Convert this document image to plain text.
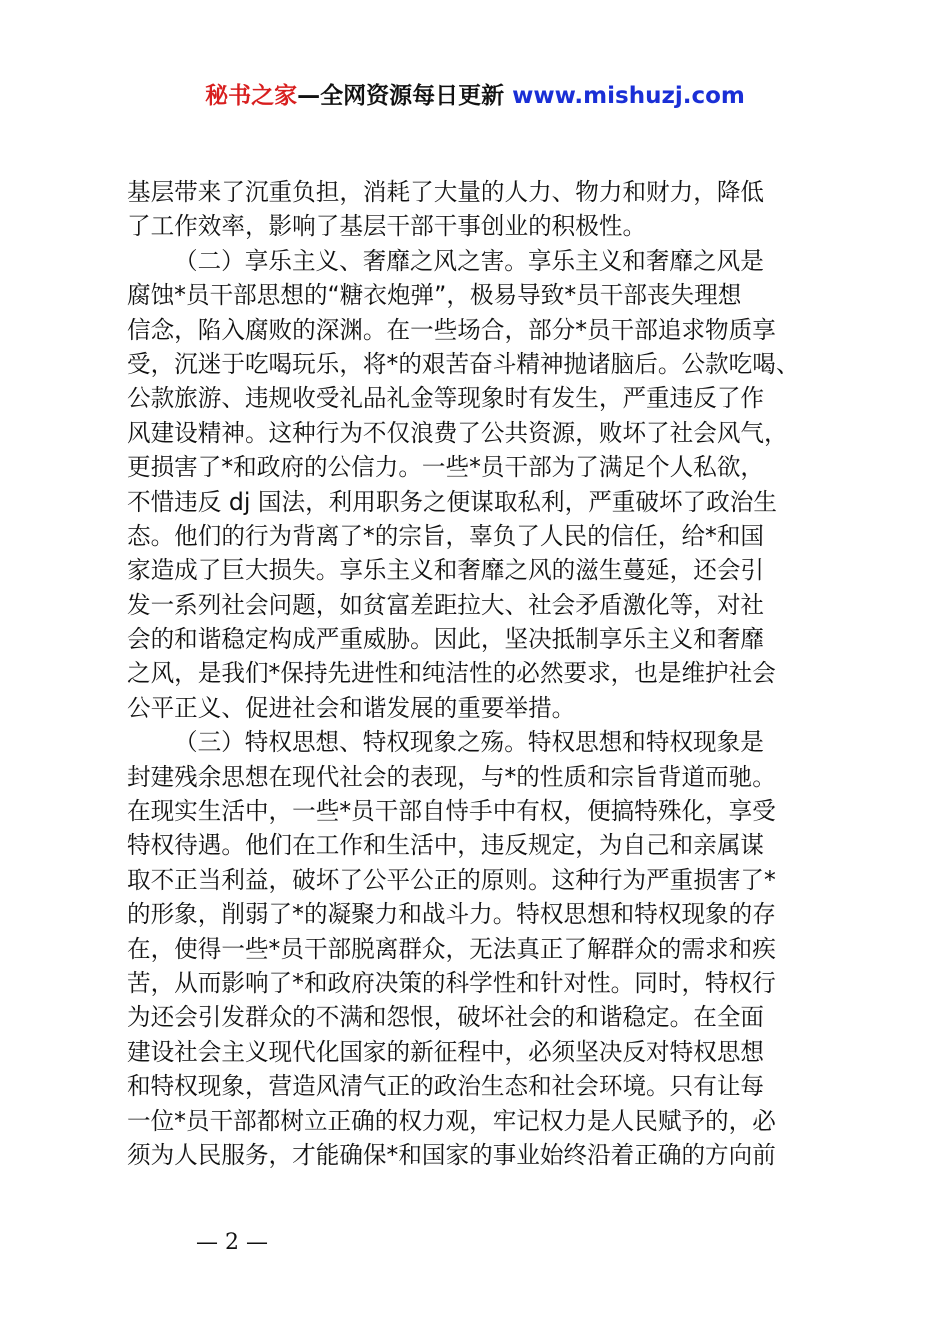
秘书之家—全网资源每日更新 www.mishuzj.com
基层带来了沉重负担，消耗了大量的人力、物力和财力，降低
了工作效率，影响了基层干部干事创业的积极性。
（二）享乐主义、奢靡之风之害。享乐主义和奢靡之风是
腐蚀*员干部思想的“糖衣炮弹”，极易导致*员干部丧失理想
信念，陷入腐败的深渊。在一些场合，部分*员干部追求物质享
受，沉迷于吃喝玩乐，将*的艰苦奋斗精神抛诸脑后。公款吃喝、
公款旅游、违规收受礼品礼金等现象时有发生，严重违反了作
风建设精神。这种行为不仅浪费了公共资源，败坏了社会风气，
更损害了*和政府的公信力。一些*员干部为了满足个人私欲，
不惜违反 dj 国法，利用职务之便谋取私利，严重破坏了政治生
态。他们的行为背离了*的宗旨，辜负了人民的信任，给*和国
家造成了巨大损失。享乐主义和奢靡之风的滋生蔓延，还会引
发一系列社会问题，如贫富差距拉大、社会矛盾激化等，对社
会的和谐稳定构成严重威胁。因此，坚决抵制享乐主义和奢靡
之风，是我们*保持先进性和纯洁性的必然要求，也是维护社会
公平正义、促进社会和谐发展的重要举措。
（三）特权思想、特权现象之殇。特权思想和特权现象是
封建残余思想在现代社会的表现，与*的性质和宗旨背道而驰。
在现实生活中，一些*员干部自恃手中有权，便搞特殊化，享受
特权待遇。他们在工作和生活中，违反规定，为自己和亲属谋
取不正当利益，破坏了公平公正的原则。这种行为严重损害了*
的形象，削弱了*的凝聚力和战斗力。特权思想和特权现象的存
在，使得一些*员干部脱离群众，无法真正了解群众的需求和疾
苦，从而影响了*和政府决策的科学性和针对性。同时，特权行
为还会引发群众的不满和怨恨，破坏社会的和谐稳定。在全面
建设社会主义现代化国家的新征程中，必须坚决反对特权思想
和特权现象，营造风清气正的政治生态和社会环境。只有让每
一位*员干部都树立正确的权力观，牢记权力是人民赋予的，必
须为人民服务，才能确保*和国家的事业始终沿着正确的方向前
— 2 —
